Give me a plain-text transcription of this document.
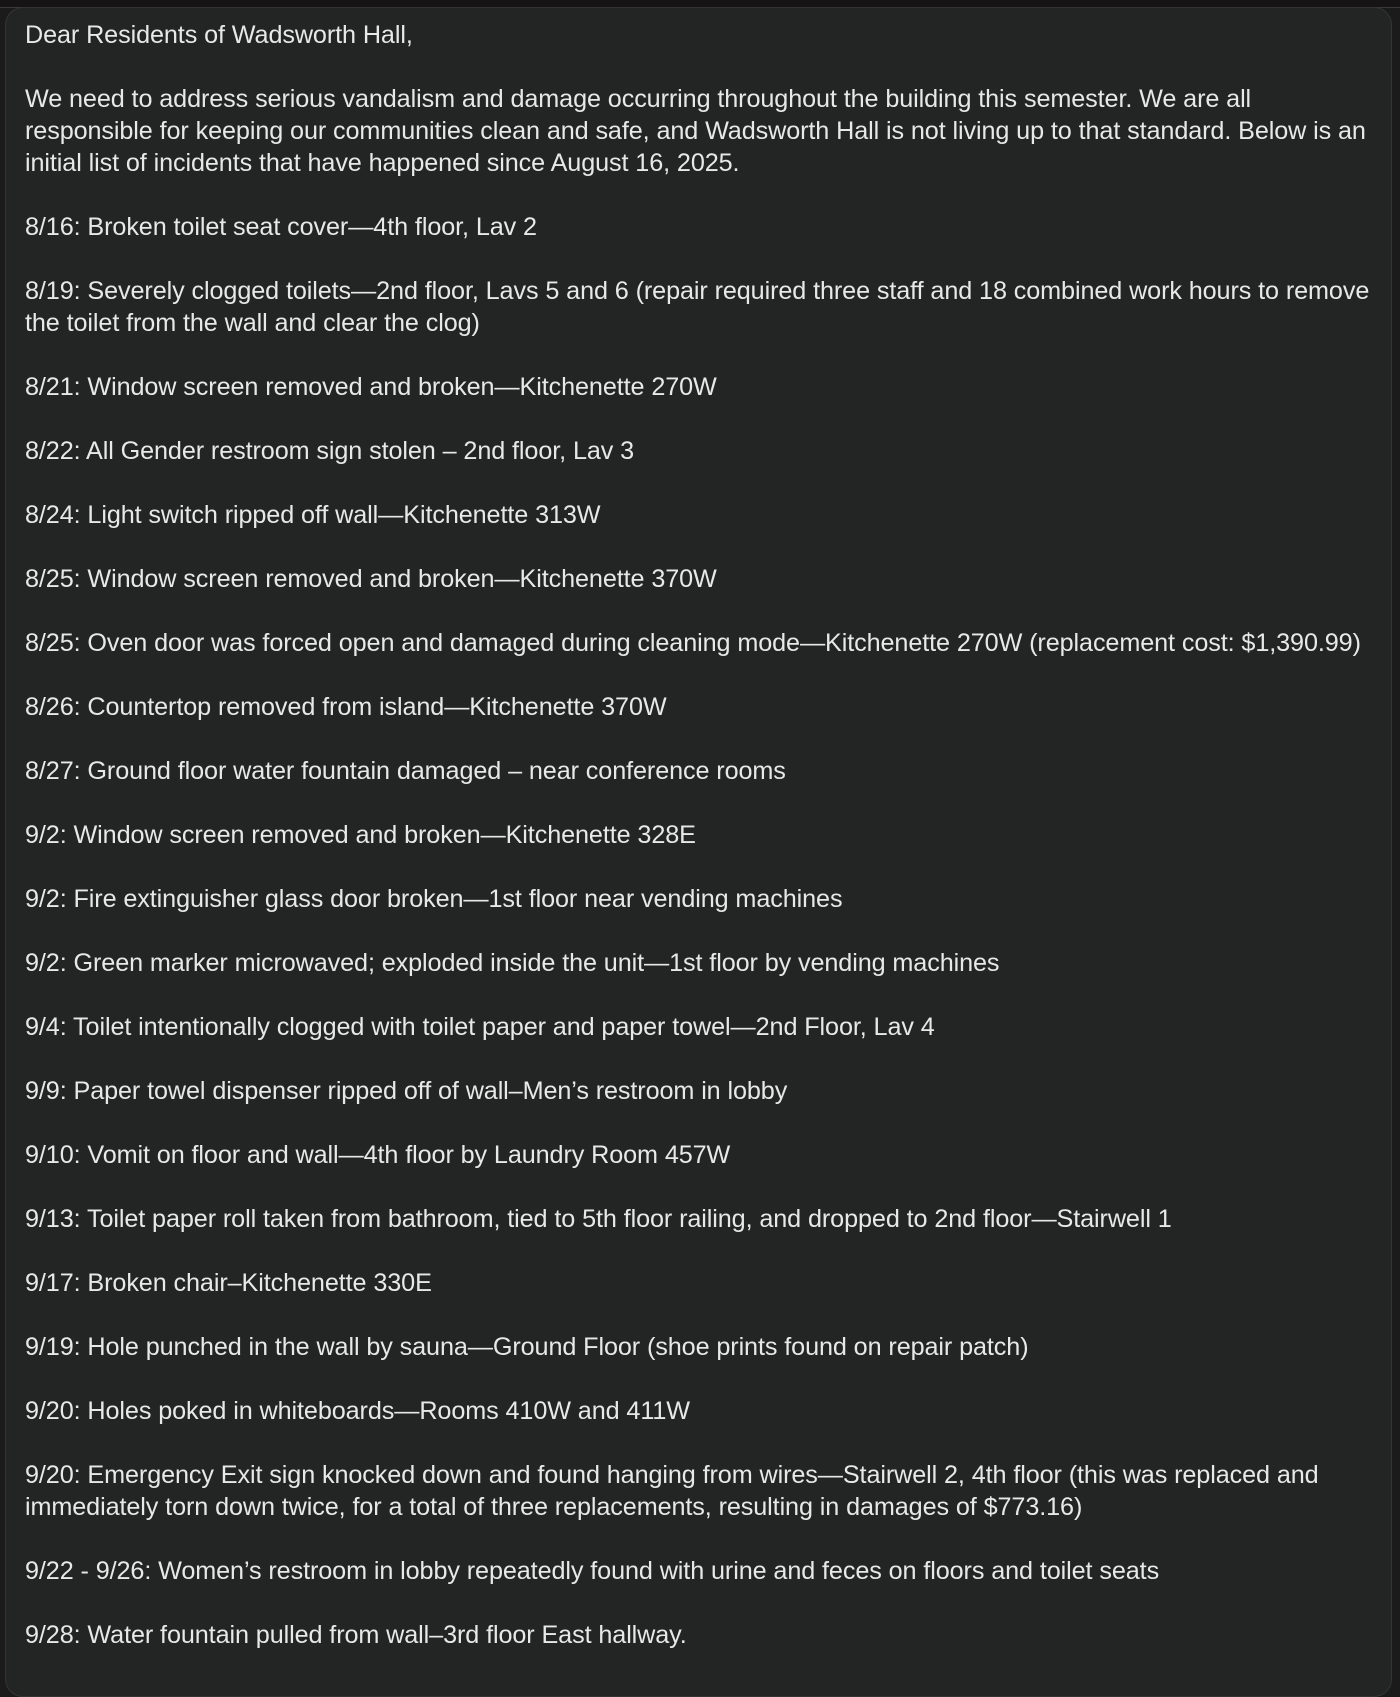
Dear Residents of Wadsworth Hall,

We need to address serious vandalism and damage occurring throughout the building this semester. We are all responsible for keeping our communities clean and safe, and Wadsworth Hall is not living up to that standard. Below is an initial list of incidents that have happened since August 16, 2025.

8/16: Broken toilet seat cover—4th floor, Lav 2

8/19: Severely clogged toilets—2nd floor, Lavs 5 and 6 (repair required three staff and 18 combined work hours to remove the toilet from the wall and clear the clog)

8/21: Window screen removed and broken—Kitchenette 270W

8/22: All Gender restroom sign stolen – 2nd floor, Lav 3

8/24: Light switch ripped off wall—Kitchenette 313W

8/25: Window screen removed and broken—Kitchenette 370W

8/25: Oven door was forced open and damaged during cleaning mode—Kitchenette 270W (replacement cost: $1,390.99)

8/26: Countertop removed from island—Kitchenette 370W

8/27: Ground floor water fountain damaged – near conference rooms

9/2: Window screen removed and broken—Kitchenette 328E

9/2: Fire extinguisher glass door broken—1st floor near vending machines

9/2: Green marker microwaved; exploded inside the unit—1st floor by vending machines

9/4: Toilet intentionally clogged with toilet paper and paper towel—2nd Floor, Lav 4

9/9: Paper towel dispenser ripped off of wall–Men’s restroom in lobby

9/10: Vomit on floor and wall—4th floor by Laundry Room 457W

9/13: Toilet paper roll taken from bathroom, tied to 5th floor railing, and dropped to 2nd floor—Stairwell 1

9/17: Broken chair–Kitchenette 330E

9/19: Hole punched in the wall by sauna—Ground Floor (shoe prints found on repair patch)

9/20: Holes poked in whiteboards—Rooms 410W and 411W

9/20: Emergency Exit sign knocked down and found hanging from wires—Stairwell 2, 4th floor (this was replaced and immediately torn down twice, for a total of three replacements, resulting in damages of $773.16)

9/22 - 9/26: Women’s restroom in lobby repeatedly found with urine and feces on floors and toilet seats

9/28: Water fountain pulled from wall–3rd floor East hallway.
